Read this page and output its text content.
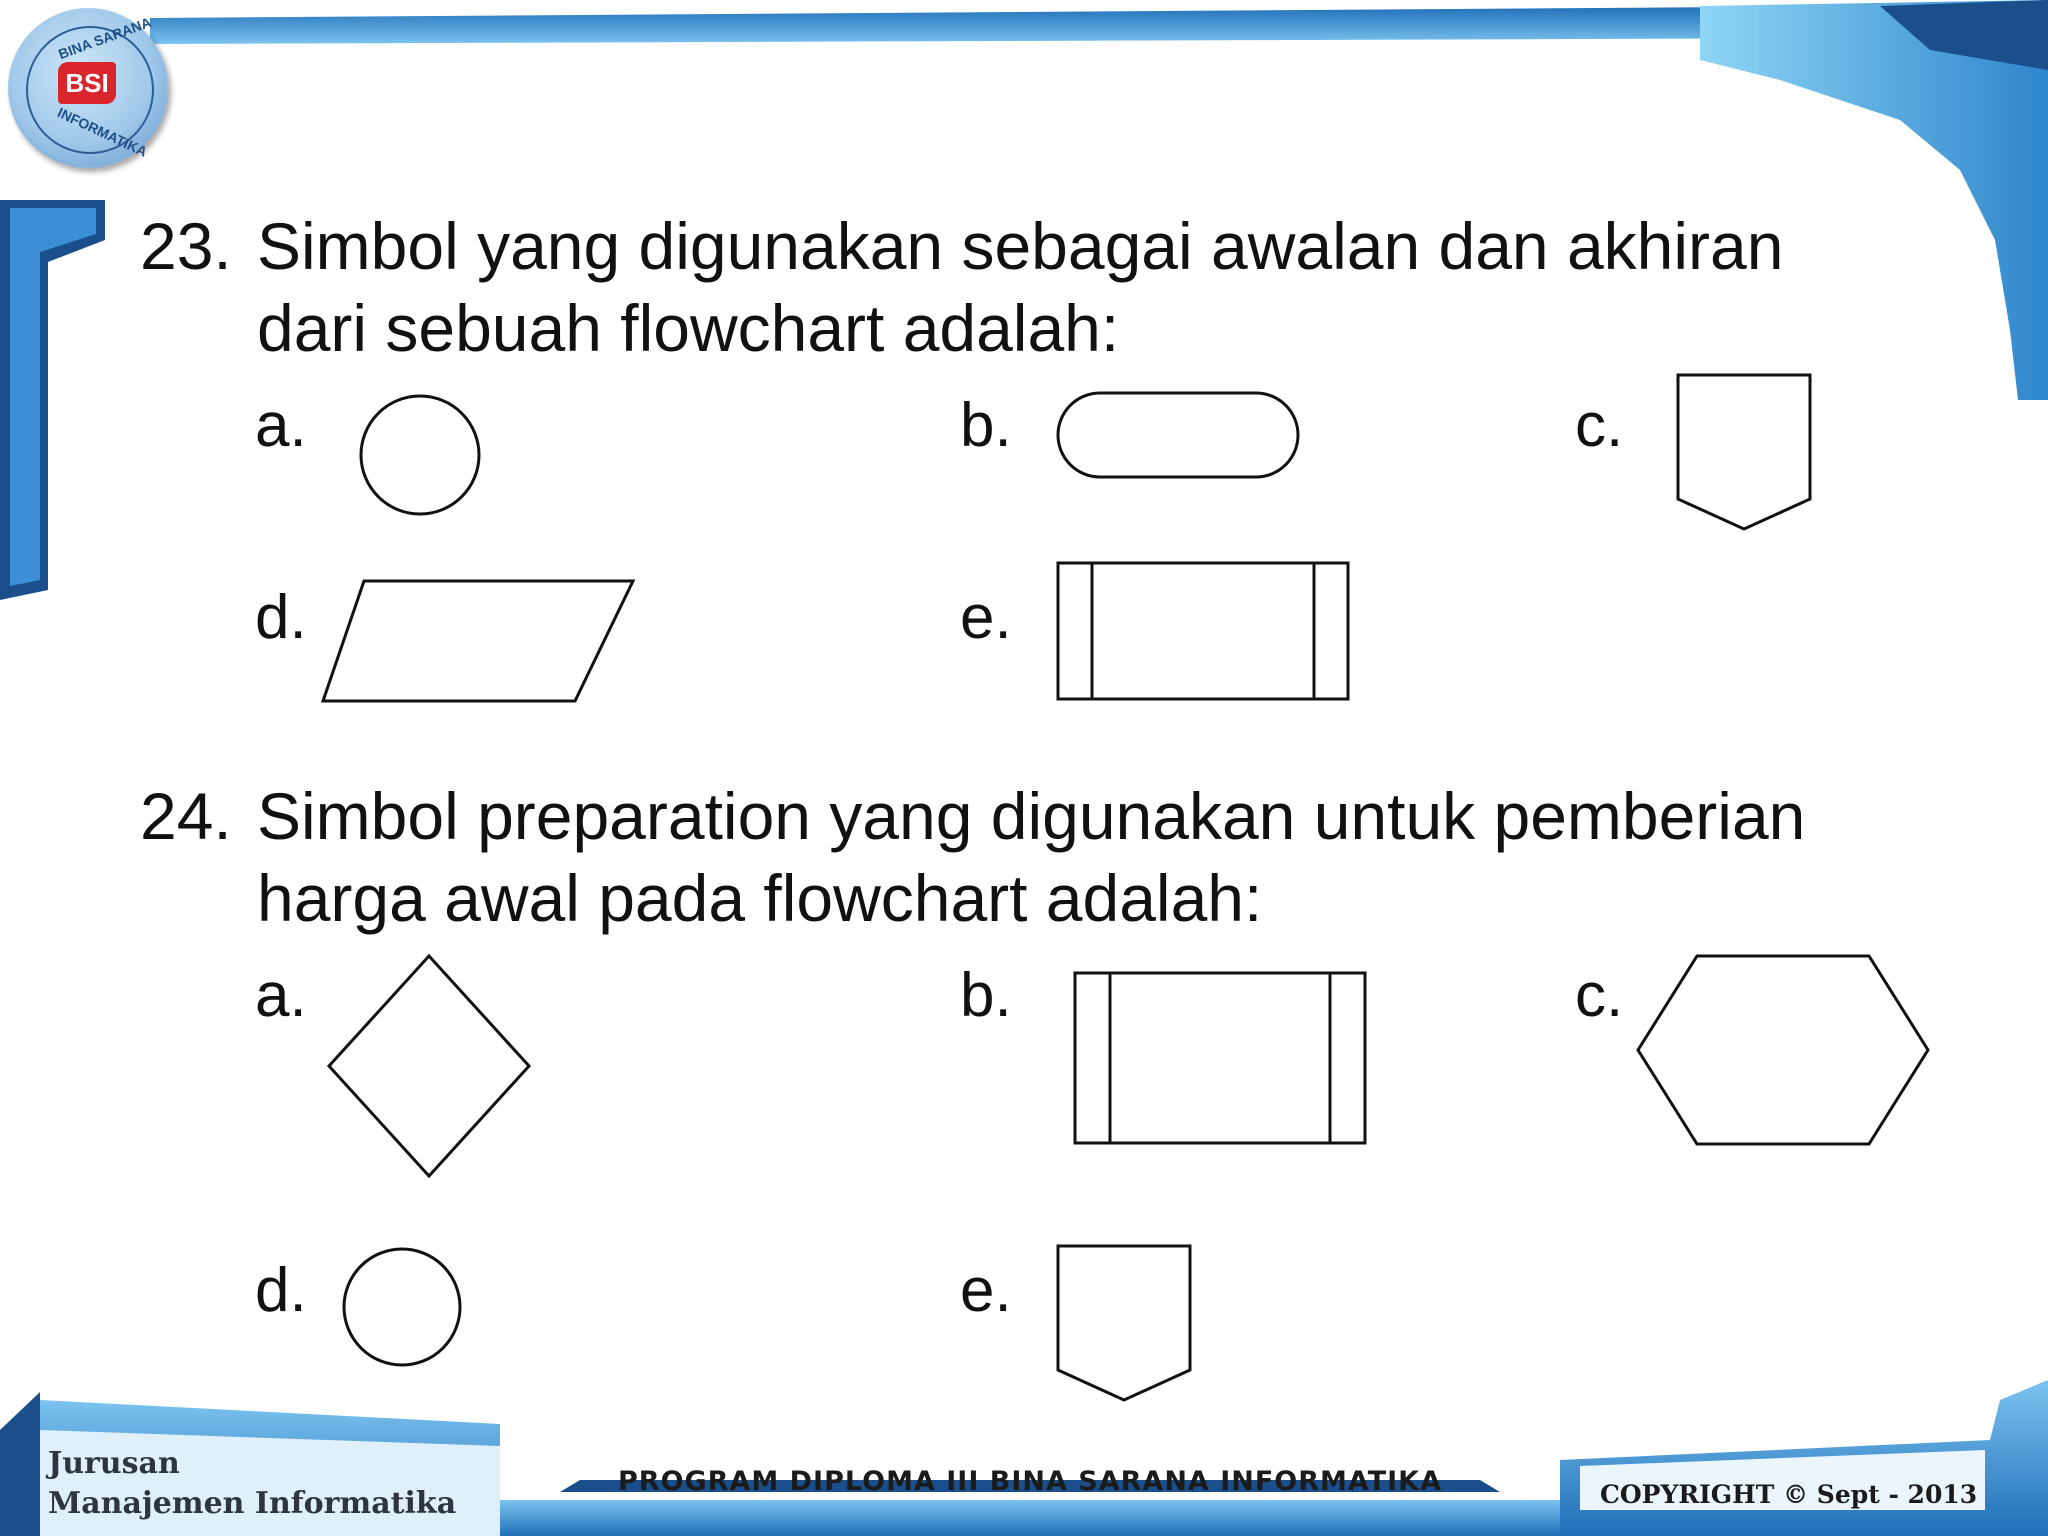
BINA SARANA
BSI
INFORMATIKA
23. Simbol yang digunakan sebagai awalan dan akhiran
dari sebuah flowchart adalah:
a.	b.	c.
d.	e.
24. Simbol preparation yang digunakan untuk pemberian
harga awal pada flowchart adalah:
a.	b.	c.
d.	e.
Jurusan
Manajemen Informatika
PROGRAM DIPLOMA III BINA SARANA INFORMATIKA	COPYRIGHT © Sept - 2013
